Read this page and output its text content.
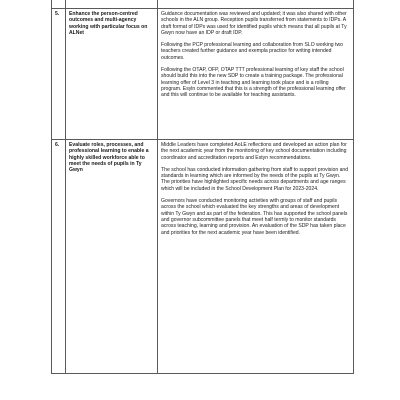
5.	Enhance the person-centred outcomes and multi-agency working with particular focus on ALNet	Guidance documentation was reviewed and updated; it was also shared with other schools in the ALN group. Reception pupils transferred from statements to IDPs. A draft format of IDPs was used for identified pupils which means that all pupils at Ty Gwyn now have an IDP or draft IDP.

Following the PCP professional learning and collaboration from SLO working two teachers created further guidance and exempla practice for writing intended outcomes.

Following the OTAP, OFP, OTAP TTT professional learning of key staff the school should build this into the new SDP to create a training package. The professional learning offer of Level 3 in teaching and learning took place and is a rolling program. Esyln commented that this is a strength of the professional learning offer and this will continue to be available for teaching assistants.

6.	Evaluate roles, processes, and professional learning to enable a highly skilled workforce able to meet the needs of pupils in Ty Gwyn	Middle Leaders have completed AoLE reflections and developed an action plan for the next academic year from the monitoring of key school documentation including coordinator and accreditation reports and Estyn recommendations.

The school has conducted information gathering from staff to support provision and standards in learning which are informed by the needs of the pupils at Ty Gwyn. The priorities have highlighted specific needs across departments and age ranges which will be included in the School Development Plan for 2023-2024.

Governors have conducted monitoring activities with groups of staff and pupils across the school which evaluated the key strengths and areas of development within Ty Gwyn and as part of the federation. This has supported the school panels and governor subcommittee panels that meet half termly to monitor standards across teaching, learning and provision. An evaluation of the SDP has taken place and priorities for the next academic year have been identified.
